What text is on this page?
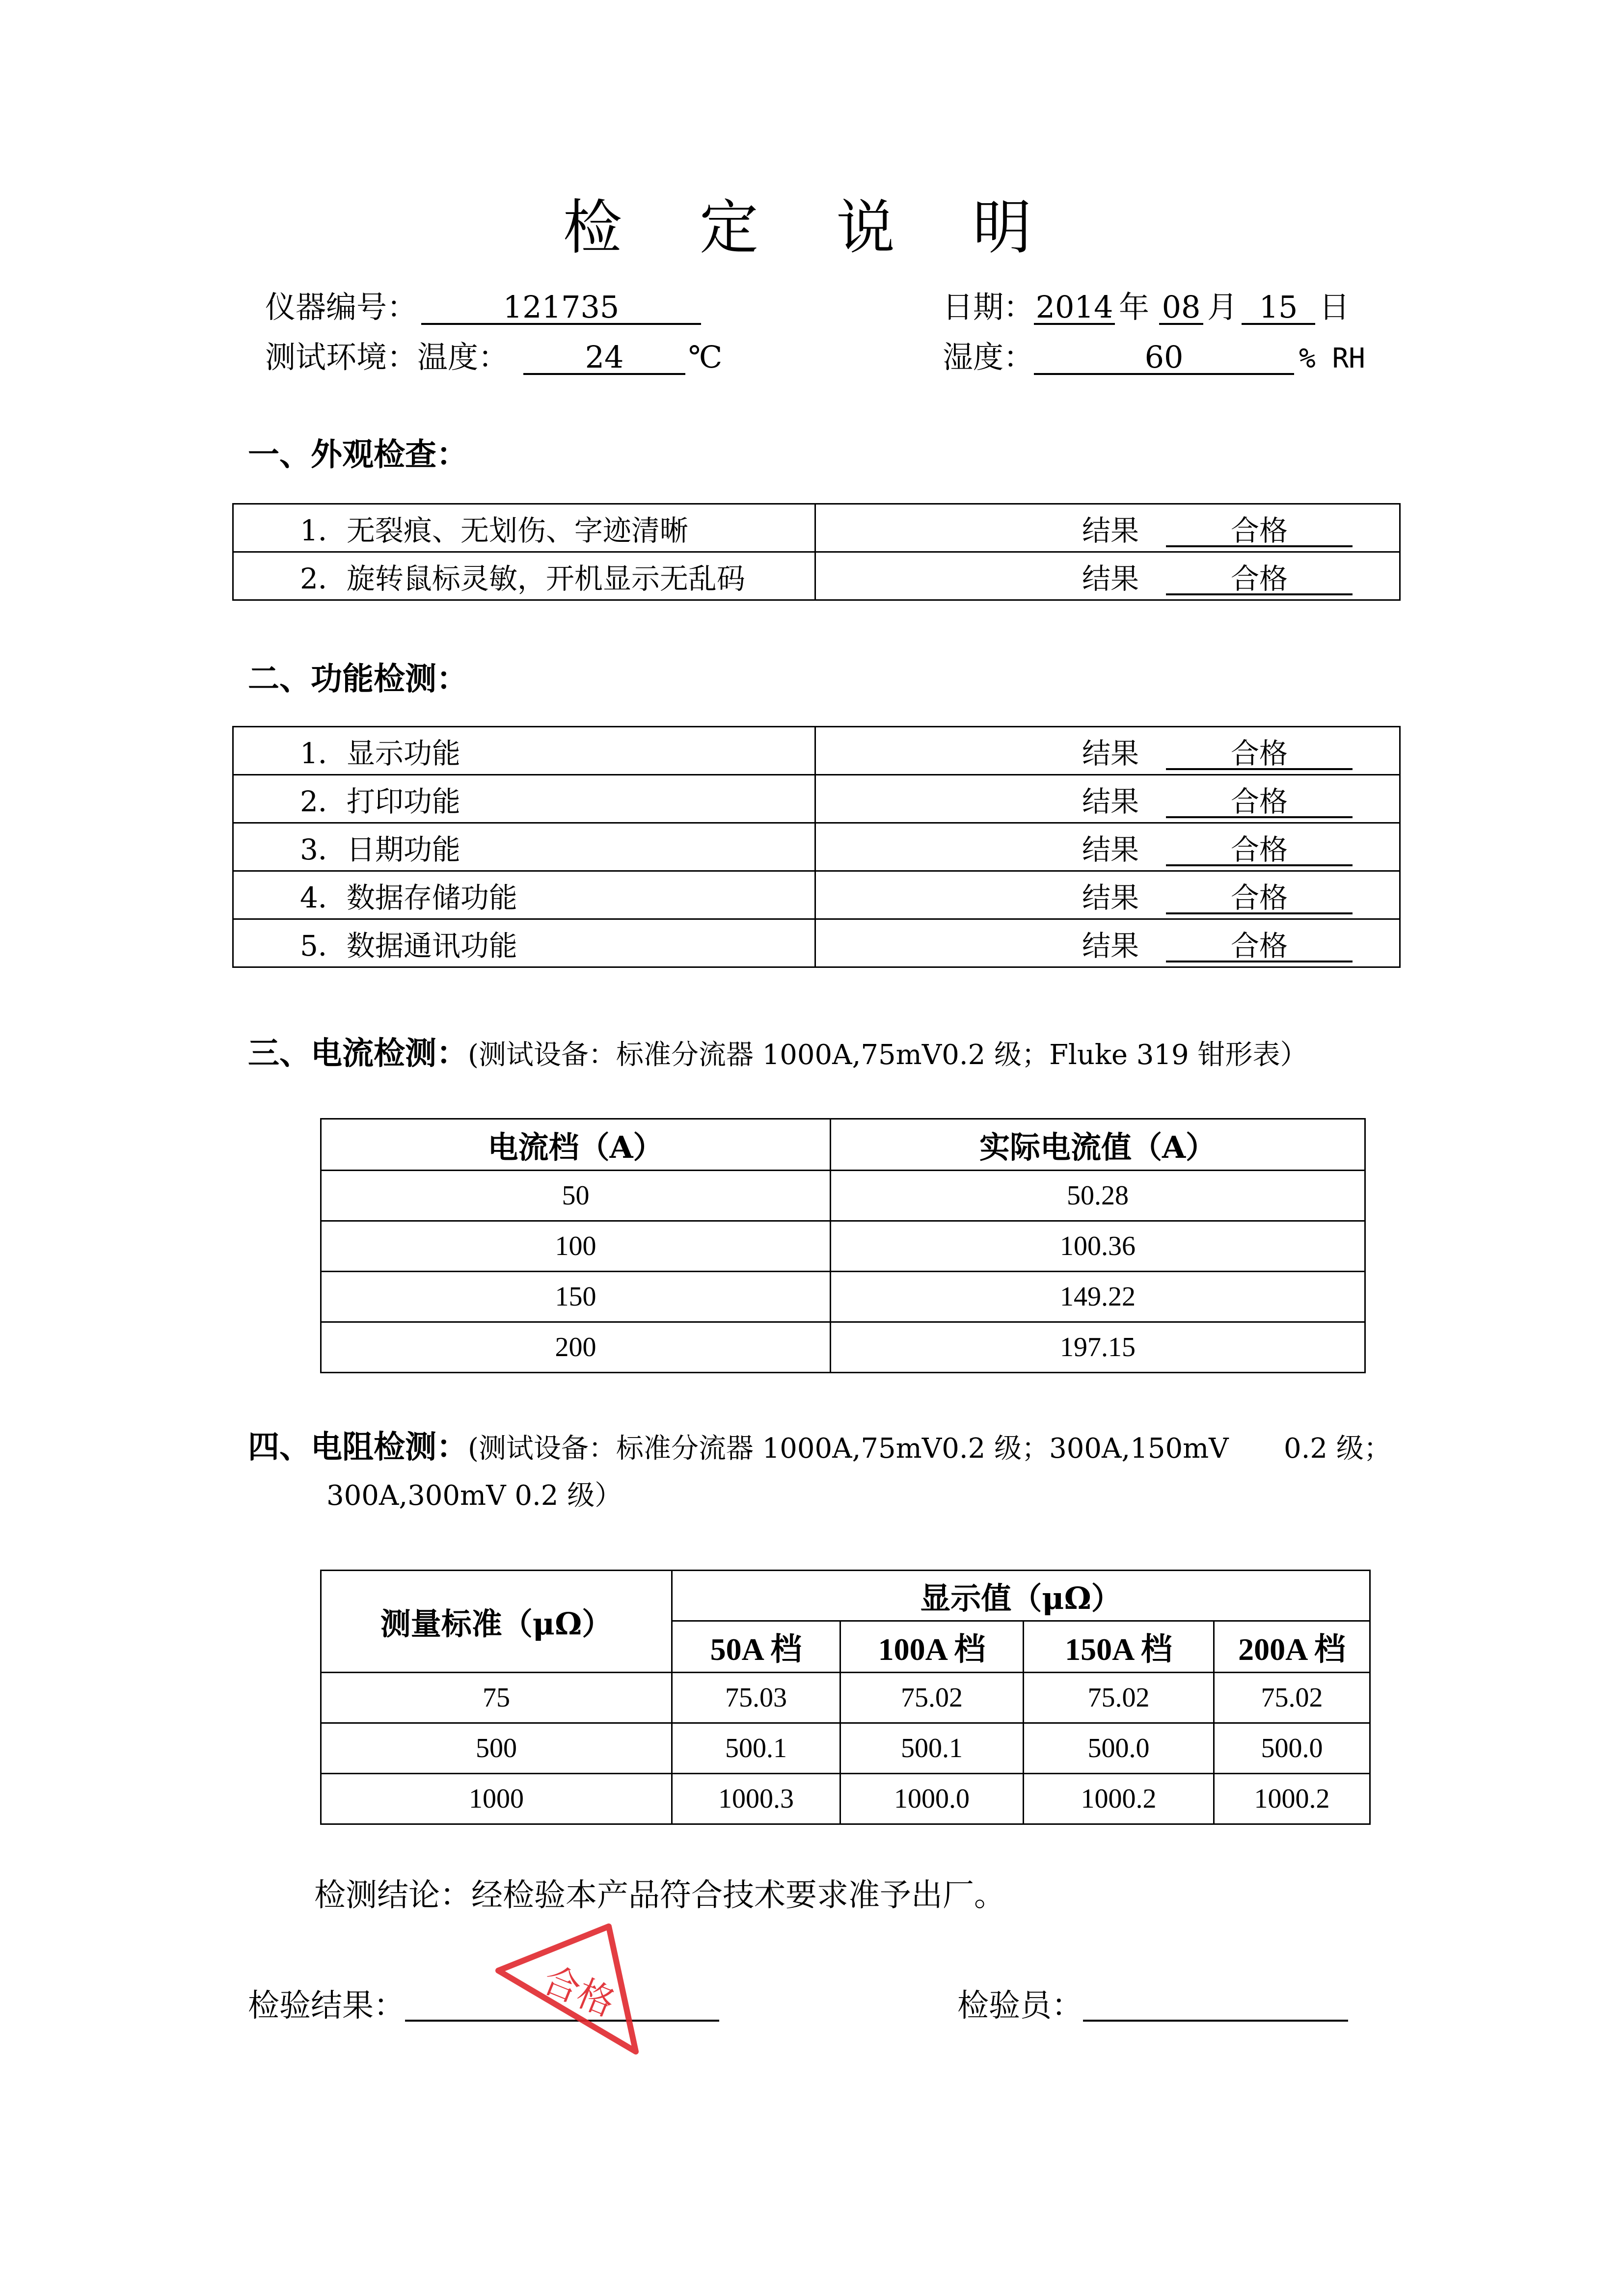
检 定 说 明
仪器编号：	121735	日期：2014 年 08 月 15 日
测试环境：温度：	24 ℃	湿度：	60	% RH
一、外观检查：
1．无裂痕、无划伤、字迹清晰	结果 合格
2．旋转鼠标灵敏，开机显示无乱码	结果 合格
二、功能检测：
1．显示功能	结果 合格
2．打印功能	结果 合格
3．日期功能	结果 合格
4．数据存储功能	结果 合格
5．数据通讯功能	结果 合格
三、电流检测：(测试设备：标准分流器 1000A,75mV0.2 级；Fluke 319 钳形表）
电流档（A）	实际电流值（A）
50	50.28
100	100.36
150	149.22
200	197.15
四、电阻检测：(测试设备：标准分流器 1000A,75mV0.2 级；300A,150mV 0.2 级；
300A,300mV 0.2 级）
测量标准（μΩ）	显示值（μΩ）			
	50A 档	100A 档	150A 档	200A 档
75	75.03	75.02	75.02	75.02
500	500.1	500.1	500.0	500.0
1000	1000.3	1000.0	1000.2	1000.2
检测结论：经检验本产品符合技术要求准予出厂。
检验结果：	检验员：
合格
